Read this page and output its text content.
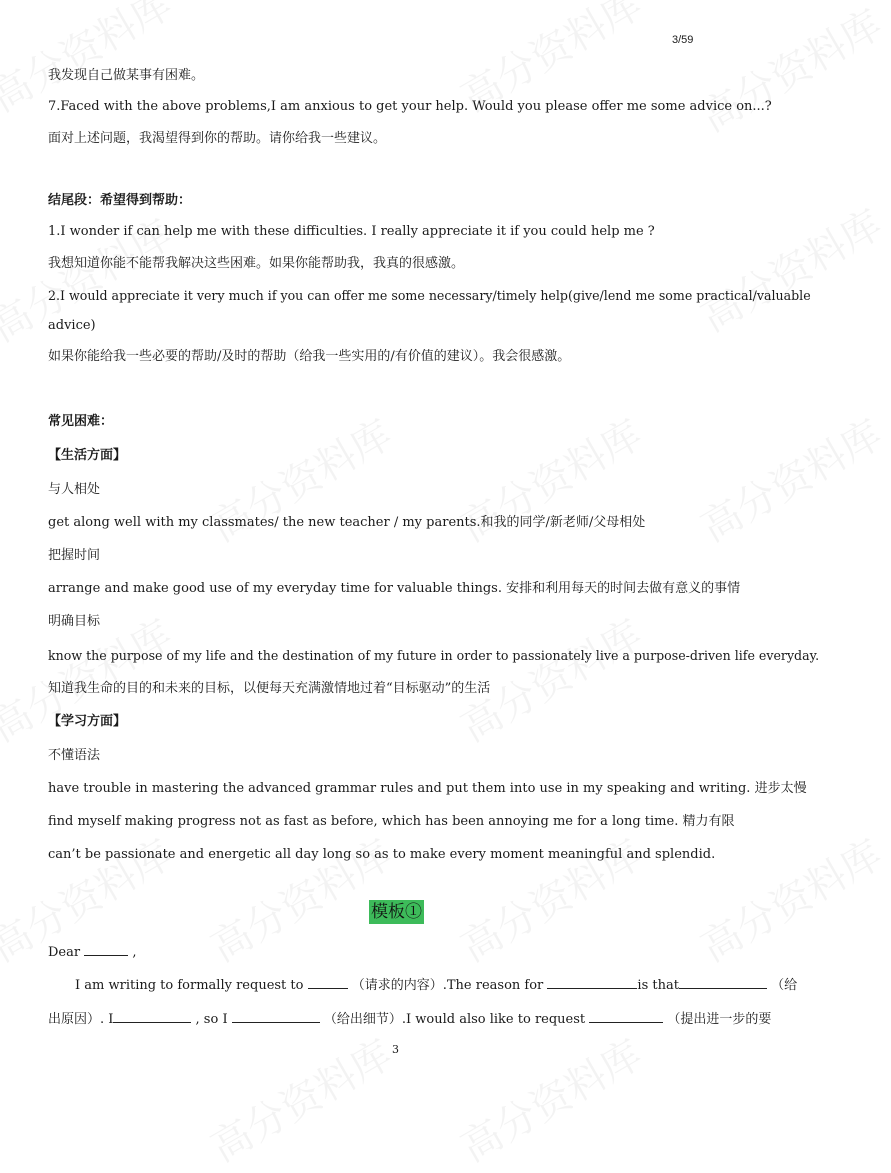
3/59
我发现自己做某事有困难。
7.Faced with the above problems,I am anxious to get your help. Would you please offer me some advice on...?
面对上述问题，我渴望得到你的帮助。请你给我一些建议。
结尾段：希望得到帮助：
1.I wonder if can help me with these difficulties. I really appreciate it if you could help me ?
我想知道你能不能帮我解决这些困难。如果你能帮助我，我真的很感激。
2.I would appreciate it very much if you can offer me some necessary/timely help(give/lend me some practical/valuable
advice)
如果你能给我一些必要的帮助/及时的帮助（给我一些实用的/有价值的建议）。我会很感激。
常见困难：
【生活方面】
与人相处
get along well with my classmates/ the new teacher / my parents.和我的同学/新老师/父母相处
把握时间
arrange and make good use of my everyday time for valuable things. 安排和利用每天的时间去做有意义的事情
明确目标
know the purpose of my life and the destination of my future in order to passionately live a purpose-driven life everyday.
知道我生命的目的和未来的目标，以便每天充满激情地过着“目标驱动”的生活
【学习方面】
不懂语法
have trouble in mastering the advanced grammar rules and put them into use in my speaking and writing. 进步太慢
find myself making progress not as fast as before, which has been annoying me for a long time. 精力有限
can’t be passionate and energetic all day long so as to make every moment meaningful and splendid.
模板①
Dear	,
I am writing to formally request to	（请求的内容）.The reason for	is that	（给
出原因）. I	, so I	（给出细节）.I would also like to request	（提出进一步的要
3
